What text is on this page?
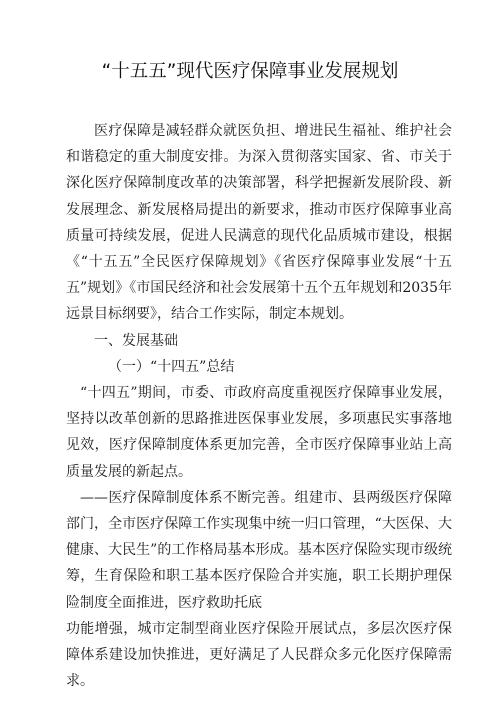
“十五五”现代医疗保障事业发展规划

医疗保障是减轻群众就医负担、增进民生福祉、维护社会和谐稳定的重大制度安排。为深入贯彻落实国家、省、市关于深化医疗保障制度改革的决策部署，科学把握新发展阶段、新发展理念、新发展格局提出的新要求，推动市医疗保障事业高质量可持续发展，促进人民满意的现代化品质城市建设，根据《“十五五”全民医疗保障规划》《省医疗保障事业发展“十五五”规划》《市国民经济和社会发展第十五个五年规划和2035年远景目标纲要》，结合工作实际，制定本规划。

一、发展基础

（一）“十四五”总结

“十四五”期间，市委、市政府高度重视医疗保障事业发展，坚持以改革创新的思路推进医保事业发展，多项惠民实事落地见效，医疗保障制度体系更加完善，全市医疗保障事业站上高质量发展的新起点。

——医疗保障制度体系不断完善。组建市、县两级医疗保障部门，全市医疗保障工作实现集中统一归口管理，“大医保、大健康、大民生”的工作格局基本形成。基本医疗保险实现市级统筹，生育保险和职工基本医疗保险合并实施，职工长期护理保险制度全面推进，医疗救助托底

功能增强，城市定制型商业医疗保险开展试点，多层次医疗保障体系建设加快推进，更好满足了人民群众多元化医疗保障需求。
